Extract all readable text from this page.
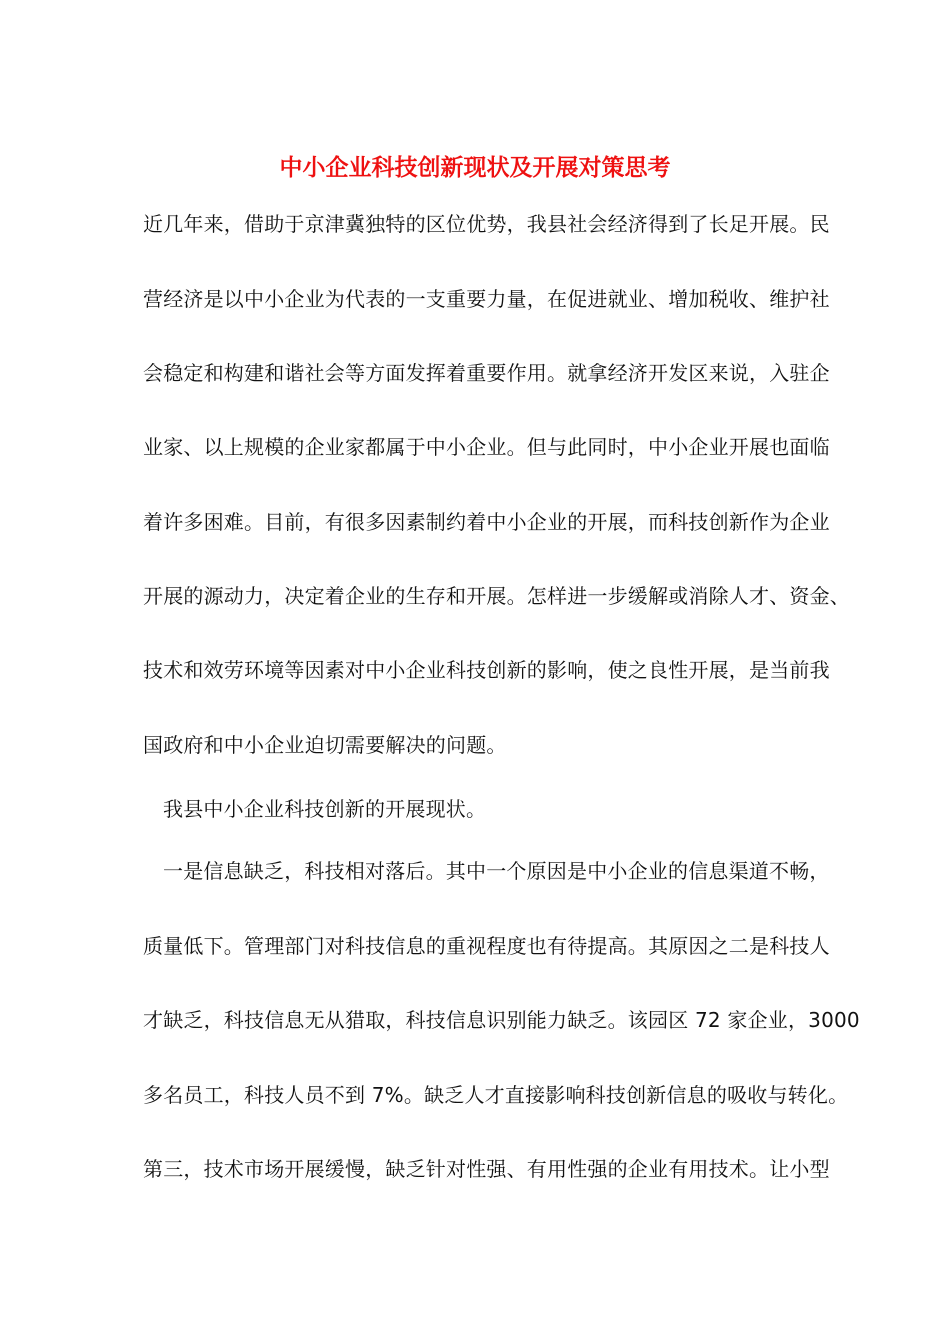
中小企业科技创新现状及开展对策思考
近几年来，借助于京津冀独特的区位优势，我县社会经济得到了长足开展。民
营经济是以中小企业为代表的一支重要力量，在促进就业、增加税收、维护社
会稳定和构建和谐社会等方面发挥着重要作用。就拿经济开发区来说，入驻企
业家、以上规模的企业家都属于中小企业。但与此同时，中小企业开展也面临
着许多困难。目前，有很多因素制约着中小企业的开展，而科技创新作为企业
开展的源动力，决定着企业的生存和开展。怎样进一步缓解或消除人才、资金、
技术和效劳环境等因素对中小企业科技创新的影响，使之良性开展，是当前我
国政府和中小企业迫切需要解决的问题。
我县中小企业科技创新的开展现状。
一是信息缺乏，科技相对落后。其中一个原因是中小企业的信息渠道不畅，
质量低下。管理部门对科技信息的重视程度也有待提高。其原因之二是科技人
才缺乏，科技信息无从猎取，科技信息识别能力缺乏。该园区 72 家企业，3000
多名员工，科技人员不到 7%。缺乏人才直接影响科技创新信息的吸收与转化。
第三，技术市场开展缓慢，缺乏针对性强、有用性强的企业有用技术。让小型
